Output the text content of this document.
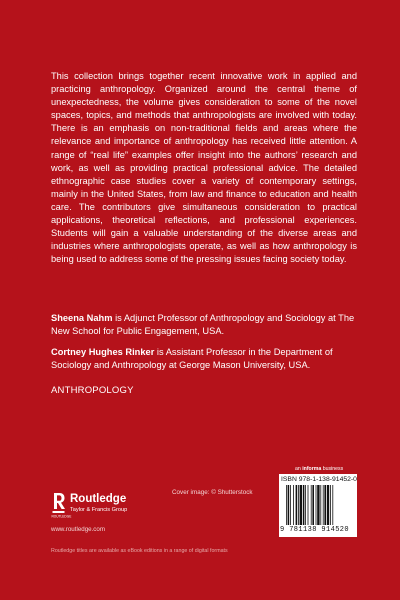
This collection brings together recent innovative work in applied and practicing anthropology. Organized around the central theme of unexpectedness, the volume gives consideration to some of the novel spaces, topics, and methods that anthropologists are involved with today. There is an emphasis on non-traditional fields and areas where the relevance and importance of anthropology has received little attention. A range of “real life” examples offer insight into the authors’ research and work, as well as providing practical professional advice. The detailed ethnographic case studies cover a variety of contemporary settings, mainly in the United States, from law and finance to education and health care. The contributors give simultaneous consideration to practical applications, theoretical reflections, and professional experiences. Students will gain a valuable understanding of the diverse areas and industries where anthropologists operate, as well as how anthropology is being used to address some of the pressing issues facing society today.

Sheena Nahm is Adjunct Professor of Anthropology and Sociology at The New School for Public Engagement, USA.

Cortney Hughes Rinker is Assistant Professor in the Department of Sociology and Anthropology at George Mason University, USA.

ANTHROPOLOGY
an informa business
Cover image: © Shutterstock
ROUTLEDGE
Routledge
Taylor & Francis Group
www.routledge.com
Routledge titles are available as eBook editions in a range of digital formats
ISBN 978-1-138-91452-0
9 781138 914520
